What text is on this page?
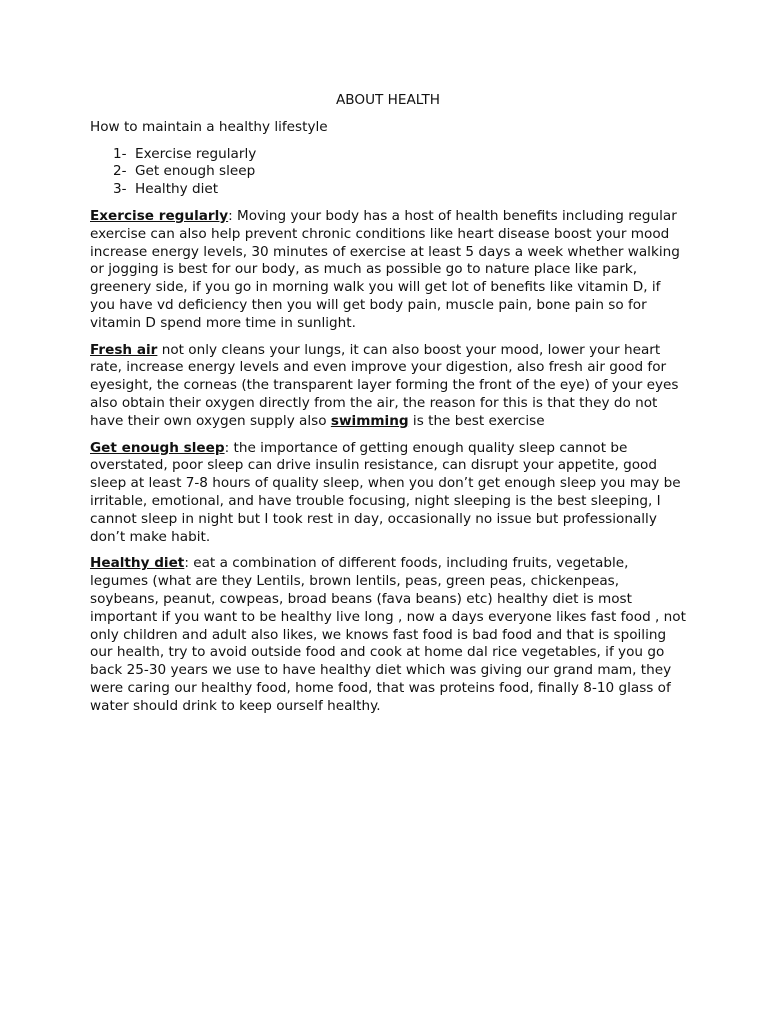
ABOUT HEALTH
How to maintain a healthy lifestyle
1- Exercise regularly
2- Get enough sleep
3- Healthy diet

Exercise regularly: Moving your body has a host of health benefits including regular exercise can also help prevent chronic conditions like heart disease boost your mood increase energy levels, 30 minutes of exercise at least 5 days a week whether walking or jogging is best for our body, as much as possible go to nature place like park, greenery side, if you go in morning walk you will get lot of benefits like vitamin D, if you have vd deficiency then you will get body pain, muscle pain, bone pain so for vitamin D spend more time in sunlight.

Fresh air not only cleans your lungs, it can also boost your mood, lower your heart rate, increase energy levels and even improve your digestion, also fresh air good for eyesight, the corneas (the transparent layer forming the front of the eye) of your eyes also obtain their oxygen directly from the air, the reason for this is that they do not have their own oxygen supply also swimming is the best exercise

Get enough sleep: the importance of getting enough quality sleep cannot be overstated, poor sleep can drive insulin resistance, can disrupt your appetite, good sleep at least 7-8 hours of quality sleep, when you don’t get enough sleep you may be irritable, emotional, and have trouble focusing, night sleeping is the best sleeping, I cannot sleep in night but I took rest in day, occasionally no issue but professionally don’t make habit.

Healthy diet: eat a combination of different foods, including fruits, vegetable, legumes (what are they Lentils, brown lentils, peas, green peas, chickenpeas, soybeans, peanut, cowpeas, broad beans (fava beans) etc) healthy diet is most important if you want to be healthy live long , now a days everyone likes fast food , not only children and adult also likes, we knows fast food is bad food and that is spoiling our health, try to avoid outside food and cook at home dal rice vegetables, if you go back 25-30 years we use to have healthy diet which was giving our grand mam, they were caring our healthy food, home food, that was proteins food, finally 8-10 glass of water should drink to keep ourself healthy.
